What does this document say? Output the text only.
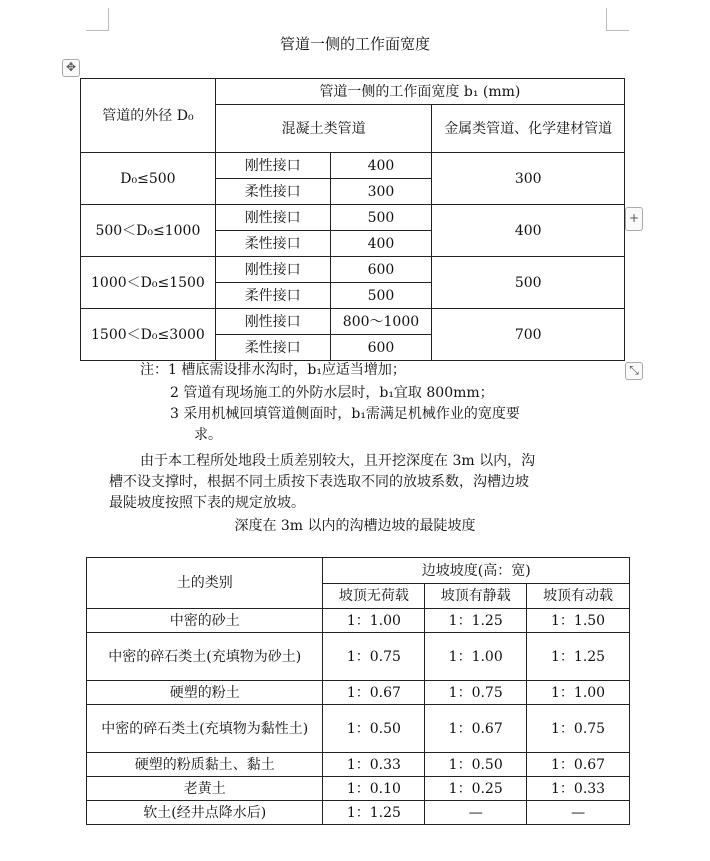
✥
+
⤡
管道一侧的工作面宽度
管道的外径 D₀	管道一侧的工作面宽度 b₁ (mm)		
	混凝土类管道		金属类管道、化学建材管道
D₀≤500	刚性接口	400	300
	柔性接口	300	
500＜D₀≤1000	刚性接口	500	400
	柔性接口	400	
1000＜D₀≤1500	刚性接口	600	500
	柔件接口	500	
1500＜D₀≤3000	刚性接口	800～1000	700
	柔性接口	600	
注：1 槽底需设排水沟时，b₁应适当增加；
2 管道有现场施工的外防水层时，b₁宜取 800mm；
3 采用机械回填管道侧面时，b₁需满足机械作业的宽度要
求。
由于本工程所处地段土质差别较大，且开挖深度在 3m 以内，沟
槽不设支撑时，根据不同土质按下表选取不同的放坡系数，沟槽边坡
最陡坡度按照下表的规定放坡。
深度在 3m 以内的沟槽边坡的最陡坡度
土的类别	边坡坡度(高：宽)		
	坡顶无荷载	坡顶有静载	坡顶有动载
中密的砂土	1：1.00	1：1.25	1：1.50
中密的碎石类土(充填物为砂土)	1：0.75	1：1.00	1：1.25
硬塑的粉土	1：0.67	1：0.75	1：1.00
中密的碎石类土(充填物为黏性土)	1：0.50	1：0.67	1：0.75
硬塑的粉质黏土、黏土	1：0.33	1：0.50	1：0.67
老黄土	1：0.10	1：0.25	1：0.33
软土(经井点降水后)	1：1.25	—	—
